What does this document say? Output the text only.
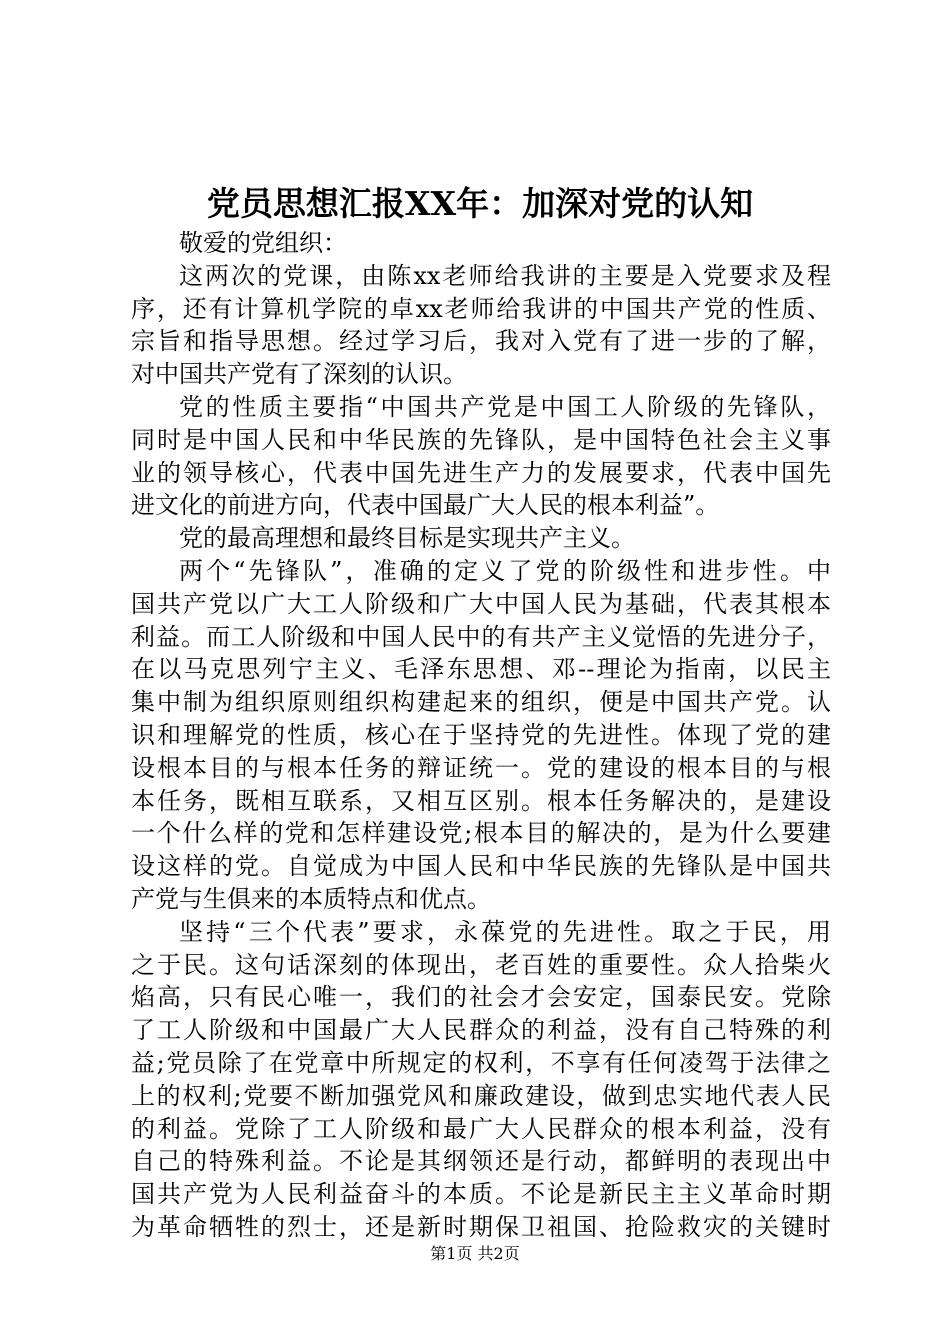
党员思想汇报XX年：加深对党的认知
敬爱的党组织：
这两次的党课，由陈xx老师给我讲的主要是入党要求及程
序，还有计算机学院的卓xx老师给我讲的中国共产党的性质、
宗旨和指导思想。经过学习后，我对入党有了进一步的了解，
对中国共产党有了深刻的认识。
党的性质主要指“中国共产党是中国工人阶级的先锋队，
同时是中国人民和中华民族的先锋队，是中国特色社会主义事
业的领导核心，代表中国先进生产力的发展要求，代表中国先
进文化的前进方向，代表中国最广大人民的根本利益”。
党的最高理想和最终目标是实现共产主义。
两个“先锋队”，准确的定义了党的阶级性和进步性。中
国共产党以广大工人阶级和广大中国人民为基础，代表其根本
利益。而工人阶级和中国人民中的有共产主义觉悟的先进分子，
在以马克思列宁主义、毛泽东思想、邓--理论为指南，以民主
集中制为组织原则组织构建起来的组织，便是中国共产党。认
识和理解党的性质，核心在于坚持党的先进性。体现了党的建
设根本目的与根本任务的辩证统一。党的建设的根本目的与根
本任务，既相互联系，又相互区别。根本任务解决的，是建设
一个什么样的党和怎样建设党;根本目的解决的，是为什么要建
设这样的党。自觉成为中国人民和中华民族的先锋队是中国共
产党与生俱来的本质特点和优点。
坚持“三个代表”要求，永葆党的先进性。取之于民，用
之于民。这句话深刻的体现出，老百姓的重要性。众人拾柴火
焰高，只有民心唯一，我们的社会才会安定，国泰民安。党除
了工人阶级和中国最广大人民群众的利益，没有自己特殊的利
益;党员除了在党章中所规定的权利，不享有任何凌驾于法律之
上的权利;党要不断加强党风和廉政建设，做到忠实地代表人民
的利益。党除了工人阶级和最广大人民群众的根本利益，没有
自己的特殊利益。不论是其纲领还是行动，都鲜明的表现出中
国共产党为人民利益奋斗的本质。不论是新民主主义革命时期
为革命牺牲的烈士，还是新时期保卫祖国、抢险救灾的关键时
第1页 共2页
